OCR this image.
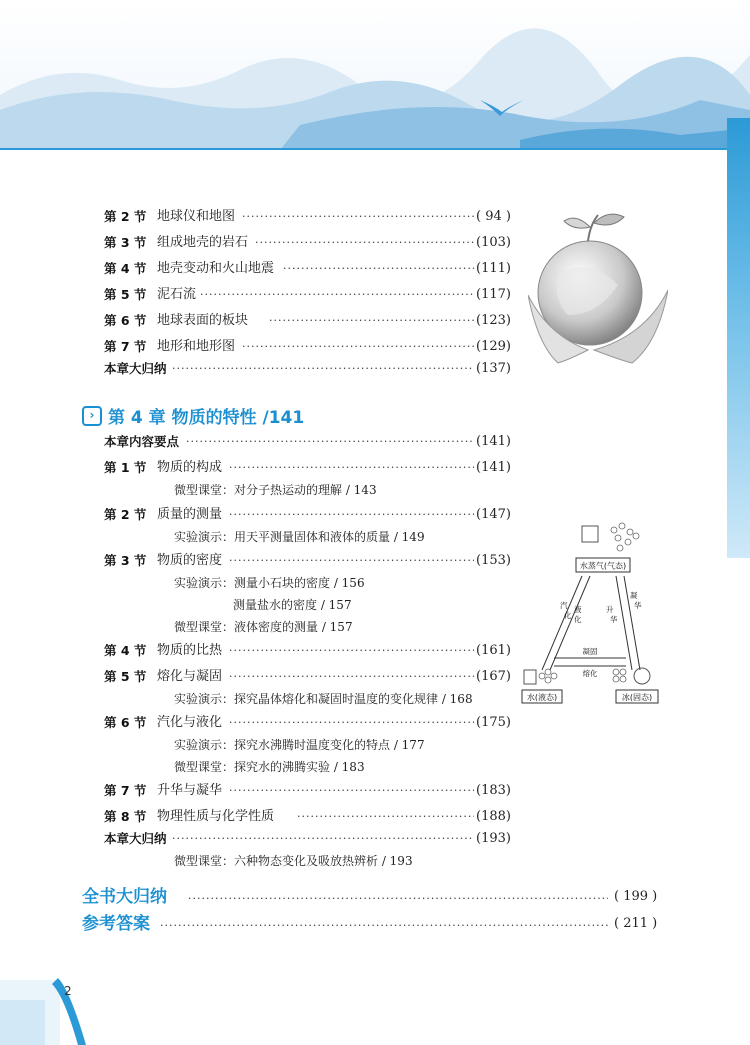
第 2 节 地球仪和地图 ·····	( 94 )
第 3 节 组成地壳的岩石 ·····	(103)
第 4 节 地壳变动和火山地震 ·····	(111)
第 5 节 泥石流 ·····	(117)
第 6 节 地球表面的板块 ·····	(123)
第 7 节 地形和地形图 ·····	(129)
本章大归纳 ·····	(137)
› 第 4 章 物质的特性 /141
本章内容要点 ·····	(141)
第 1 节 物质的构成 ·····	(141)
微型课堂：对分子热运动的理解 / 143
第 2 节 质量的测量 ·····	(147)
实验演示：用天平测量固体和液体的质量 / 149
第 3 节 物质的密度 ·····	(153)
实验演示：测量小石块的密度 / 156
测量盐水的密度 / 157
微型课堂：液体密度的测量 / 157
第 4 节 物质的比热 ·····	(161)
第 5 节 熔化与凝固 ·····	(167)
实验演示：探究晶体熔化和凝固时温度的变化规律 / 168
第 6 节 汽化与液化 ·····	(175)
实验演示：探究水沸腾时温度变化的特点 / 177
微型课堂：探究水的沸腾实验 / 183
第 7 节 升华与凝华 ·····	(183)
第 8 节 物理性质与化学性质 ·····	(188)
本章大归纳 ·····	(193)
微型课堂：六种物态变化及吸放热辨析 / 193
水蒸气(气态)
汽化
液化
升华
凝华
凝固
熔化
水(液态)	冰(固态)
全书大归纳 ·····	( 199 )
参考答案 ·····	( 211 )
2
